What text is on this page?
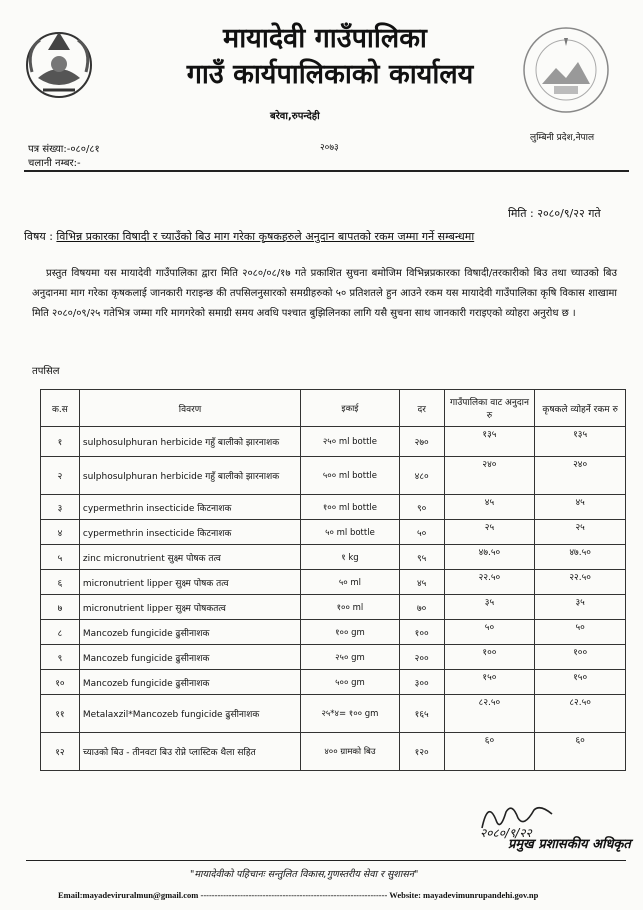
मायादेवी गाउँपालिका
गाउँ कार्यपालिकाको कार्यालय
बरेवा,रुपन्देही
२०७३
लुम्बिनी प्रदेश,नेपाल
पत्र संख्या:-०८०/८१
चलानी नम्बर:-
मिति : २०८०/९/२२ गते
विषय : विभिन्न प्रकारका विषादी र च्याउँको बिउ माग गरेका कृषकहरुले अनुदान बापतको रकम जम्मा गर्ने सम्बन्धमा
प्रस्तुत विषयमा यस मायादेवी गाउँपालिका द्वारा मिति २०८०/०८/१७ गते प्रकाशित सुचना बमोजिम विभिन्नप्रकारका विषादी/तरकारीको बिउ तथा च्याउको बिउ अनुदानमा माग गरेका कृषकलाई जानकारी गराइन्छ की तपसिलनुसारको समग्रीहरुको ५० प्रतिशतले हुन आउने रकम यस मायादेवी गाउँपालिका कृषि विकास शाखामा मिति २०८०/०९/२५ गतेभित्र जम्मा गरि मागगरेको समाग्री समय अवधि पश्चात बुझिलिनका लागि यसै सुचना साथ जानकारी गराइएको व्योहरा अनुरोध छ ।
तपसिल
क.स	विवरण	इकाई	दर	गाउँपालिका वाट अनुदान रु	कृषकले व्योहर्ने रकम रु
१	sulphosulphuran herbicide गहुँ बालीको झारनाशक	२५० ml bottle	२७०	१३५	१३५
२	sulphosulphuran herbicide गहुँ बालीको झारनाशक	५०० ml bottle	४८०	२४०	२४०
३	cypermethrin insecticide किटनाशक	१०० ml bottle	९०	४५	४५
४	cypermethrin insecticide किटनाशक	५० ml bottle	५०	२५	२५
५	zinc micronutrient सुक्ष्म पोषक तत्व	१ kg	९५	४७.५०	४७.५०
६	micronutrient lipper सुक्ष्म पोषक तत्व	५० ml	४५	२२.५०	२२.५०
७	micronutrient lipper सुक्ष्म पोषकतत्व	१०० ml	७०	३५	३५
८	Mancozeb fungicide ढुसीनाशक	१०० gm	१००	५०	५०
९	Mancozeb fungicide ढुसीनाशक	२५० gm	२००	१००	१००
१०	Mancozeb fungicide ढुसीनाशक	५०० gm	३००	१५०	१५०
११	Metalaxzil*Mancozeb fungicide ढुसीनाशक	२५*४= १०० gm	१६५	८२.५०	८२.५०
१२	च्याउको बिउ - तीनवटा बिउ रोप्ने प्लास्टिक थैला सहित	४०० ग्रामको बिउ	१२०	६०	६०
२०८०/९/२२
प्रमुख प्रशासकीय अधिकृत
"मायादेवीको पहिचानः सन्तुलित विकास,गुणस्तरीय सेवा र सुशासन"
Email:mayadeviruralmun@gmail.com ------------------------------------------------------------------ Website: mayadevimunrupandehi.gov.np
